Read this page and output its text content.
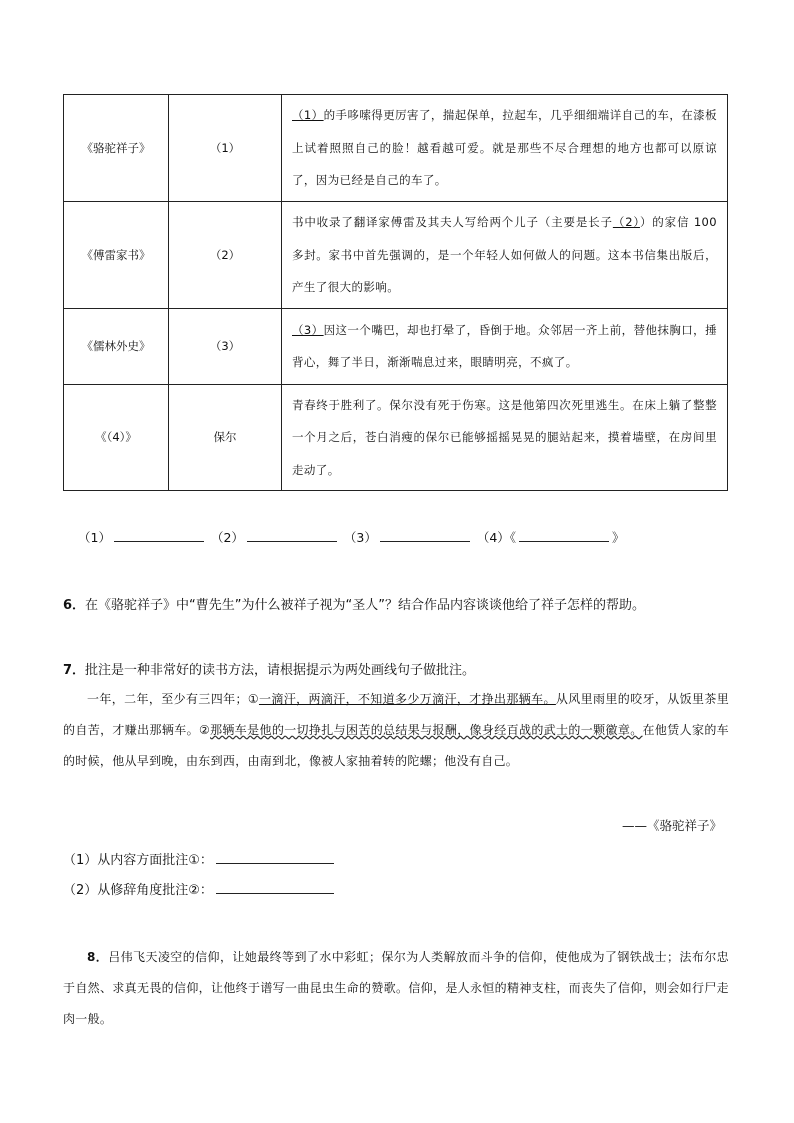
《骆驼祥子》	（1）	（1）的手哆嗦得更厉害了，揣起保单，拉起车，几乎细细端详自己的车，在漆板上试着照照自己的脸！越看越可爱。就是那些不尽合理想的地方也都可以原谅了，因为已经是自己的车了。
《傅雷家书》	（2）	书中收录了翻译家傅雷及其夫人写给两个儿子（主要是长子（2））的家信 100 多封。家书中首先强调的，是一个年轻人如何做人的问题。这本书信集出版后，产生了很大的影响。
《儒林外史》	（3）	（3）因这一个嘴巴，却也打晕了，昏倒于地。众邻居一齐上前，替他抹胸口，捶背心，舞了半日，渐渐喘息过来，眼睛明亮，不疯了。
《（4）》	保尔	青春终于胜利了。保尔没有死于伤寒。这是他第四次死里逃生。在床上躺了整整一个月之后，苍白消瘦的保尔已能够摇摇晃晃的腿站起来，摸着墙壁，在房间里走动了。
（1）	（2）	（3）	（4）《	》
6．在《骆驼祥子》中“曹先生”为什么被祥子视为“圣人”？结合作品内容谈谈他给了祥子怎样的帮助。
7．批注是一种非常好的读书方法，请根据提示为两处画线句子做批注。
一年，二年，至少有三四年；①一滴汗，两滴汗，不知道多少万滴汗，才挣出那辆车。从风里雨里的咬牙，从饭里茶里的自苦，才赚出那辆车。②那辆车是他的一切挣扎与困苦的总结果与报酬，像身经百战的武士的一颗徽章。在他赁人家的车的时候，他从早到晚，由东到西，由南到北，像被人家抽着转的陀螺；他没有自己。
——《骆驼祥子》
（1）从内容方面批注①：
（2）从修辞角度批注②：
8．吕伟飞天凌空的信仰，让她最终等到了水中彩虹；保尔为人类解放而斗争的信仰，使他成为了钢铁战士；法布尔忠于自然、求真无畏的信仰，让他终于谱写一曲昆虫生命的赞歌。信仰，是人永恒的精神支柱，而丧失了信仰，则会如行尸走肉一般。
